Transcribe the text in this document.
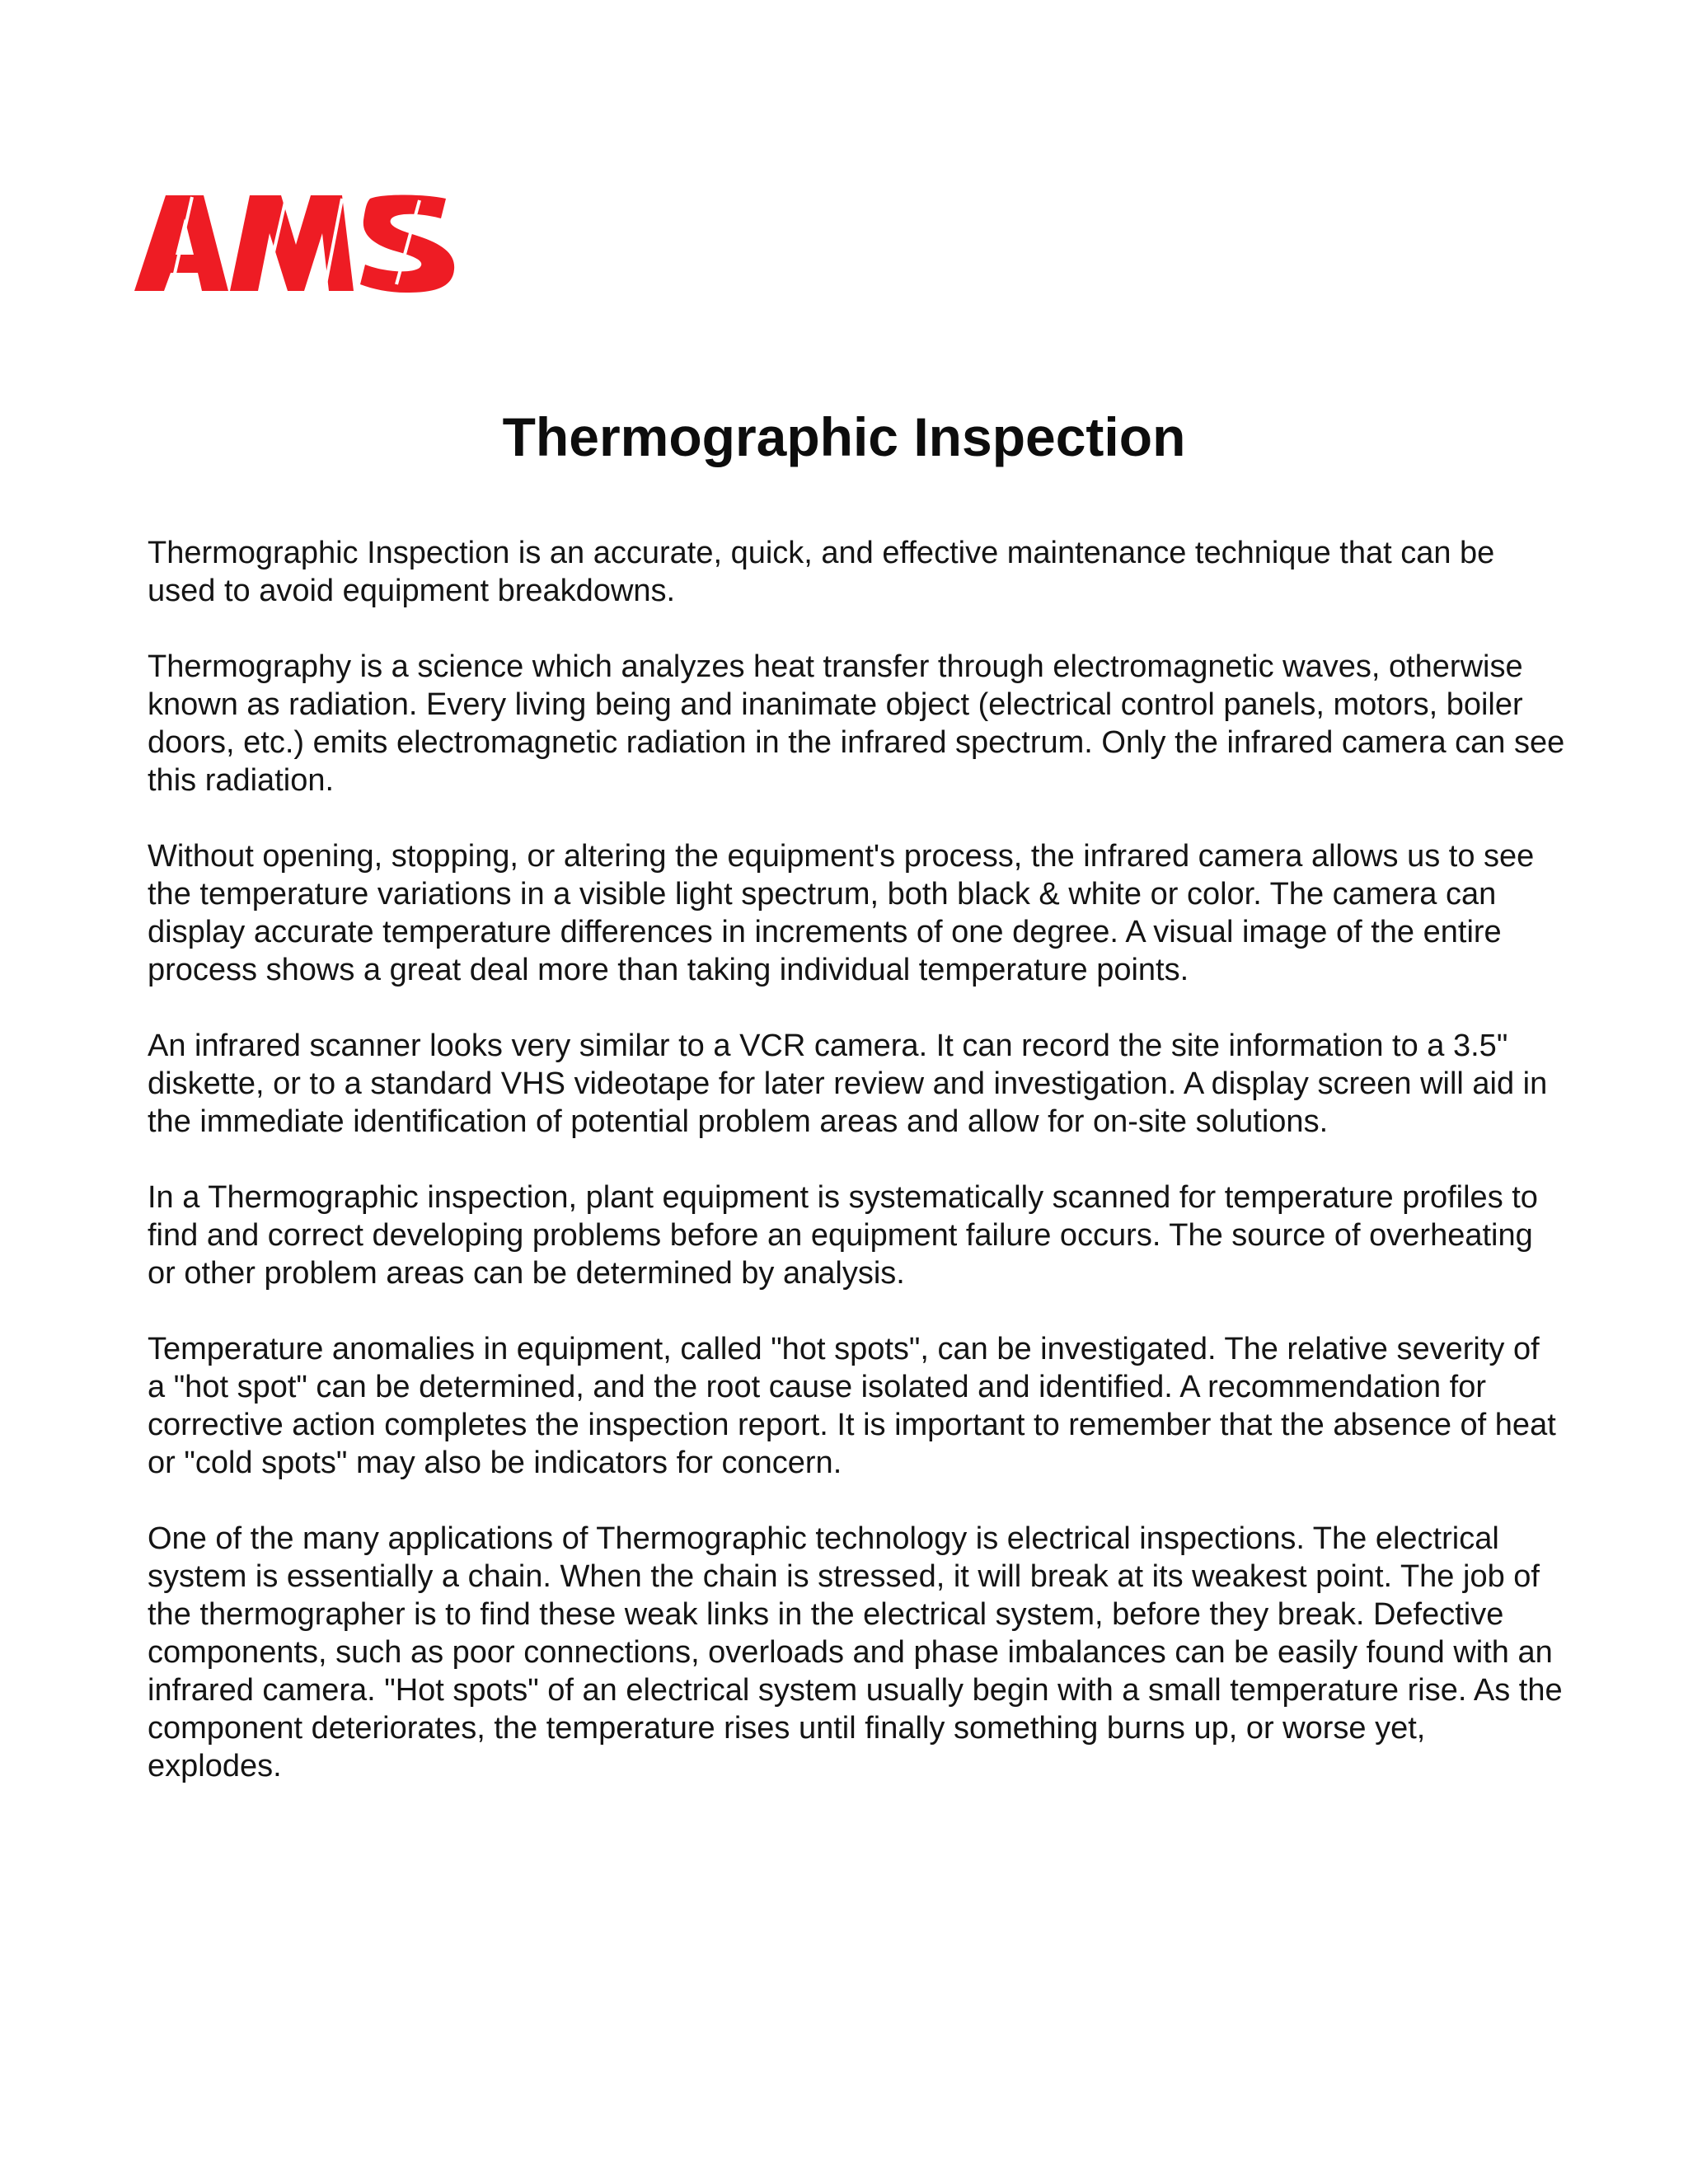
Thermographic Inspection

Thermographic Inspection is an accurate, quick, and effective maintenance technique that can be used to avoid equipment breakdowns.

Thermography is a science which analyzes heat transfer through electromagnetic waves, otherwise known as radiation. Every living being and inanimate object (electrical control panels, motors, boiler doors, etc.) emits electromagnetic radiation in the infrared spectrum. Only the infrared camera can see this radiation.

Without opening, stopping, or altering the equipment's process, the infrared camera allows us to see the temperature variations in a visible light spectrum, both black & white or color. The camera can display accurate temperature differences in increments of one degree. A visual image of the entire process shows a great deal more than taking individual temperature points.

An infrared scanner looks very similar to a VCR camera. It can record the site information to a 3.5" diskette, or to a standard VHS videotape for later review and investigation. A display screen will aid in the immediate identification of potential problem areas and allow for on-site solutions.

In a Thermographic inspection, plant equipment is systematically scanned for temperature profiles to find and correct developing problems before an equipment failure occurs. The source of overheating or other problem areas can be determined by analysis.

Temperature anomalies in equipment, called "hot spots", can be investigated. The relative severity of a "hot spot" can be determined, and the root cause isolated and identified. A recommendation for corrective action completes the inspection report. It is important to remember that the absence of heat or "cold spots" may also be indicators for concern.

One of the many applications of Thermographic technology is electrical inspections. The electrical system is essentially a chain. When the chain is stressed, it will break at its weakest point. The job of the thermographer is to find these weak links in the electrical system, before they break. Defective components, such as poor connections, overloads and phase imbalances can be easily found with an infrared camera. "Hot spots" of an electrical system usually begin with a small temperature rise. As the component deteriorates, the temperature rises until finally something burns up, or worse yet, explodes.
